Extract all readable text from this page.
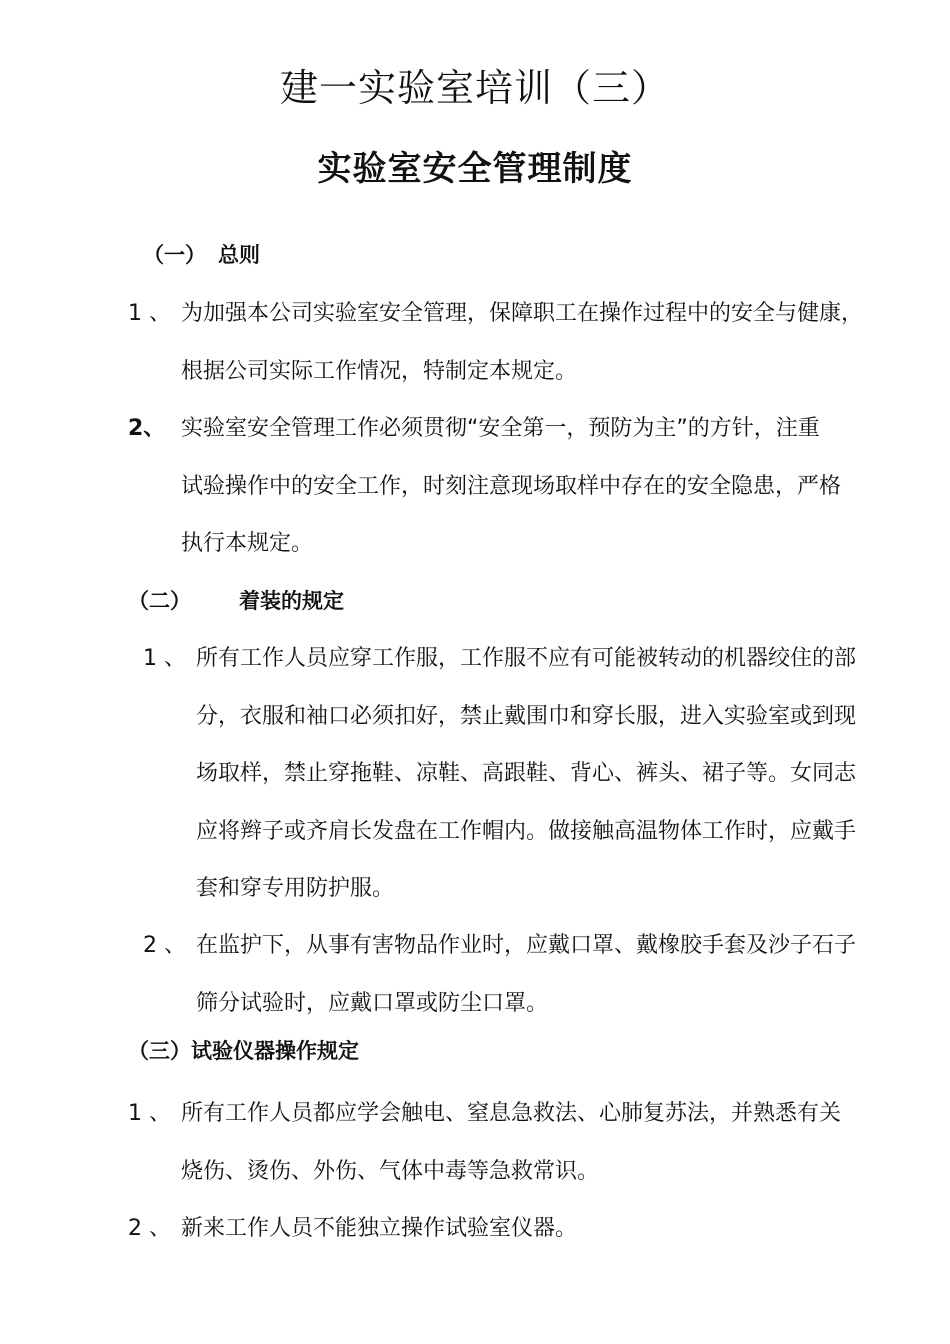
建一实验室培训（三）
实验室安全管理制度
（一） 总则
1 、 为加强本公司实验室安全管理，保障职工在操作过程中的安全与健康，
根据公司实际工作情况，特制定本规定。
2、 实验室安全管理工作必须贯彻“安全第一，预防为主”的方针，注重
试验操作中的安全工作，时刻注意现场取样中存在的安全隐患，严格
执行本规定。
（二） 着装的规定
1 、 所有工作人员应穿工作服，工作服不应有可能被转动的机器绞住的部
分，衣服和袖口必须扣好，禁止戴围巾和穿长服，进入实验室或到现
场取样，禁止穿拖鞋、凉鞋、高跟鞋、背心、裤头、裙子等。女同志
应将辫子或齐肩长发盘在工作帽内。做接触高温物体工作时，应戴手
套和穿专用防护服。
2 、 在监护下，从事有害物品作业时，应戴口罩、戴橡胶手套及沙子石子
筛分试验时，应戴口罩或防尘口罩。
（三）试验仪器操作规定
1 、 所有工作人员都应学会触电、窒息急救法、心肺复苏法，并熟悉有关
烧伤、烫伤、外伤、气体中毒等急救常识。
2 、 新来工作人员不能独立操作试验室仪器。
